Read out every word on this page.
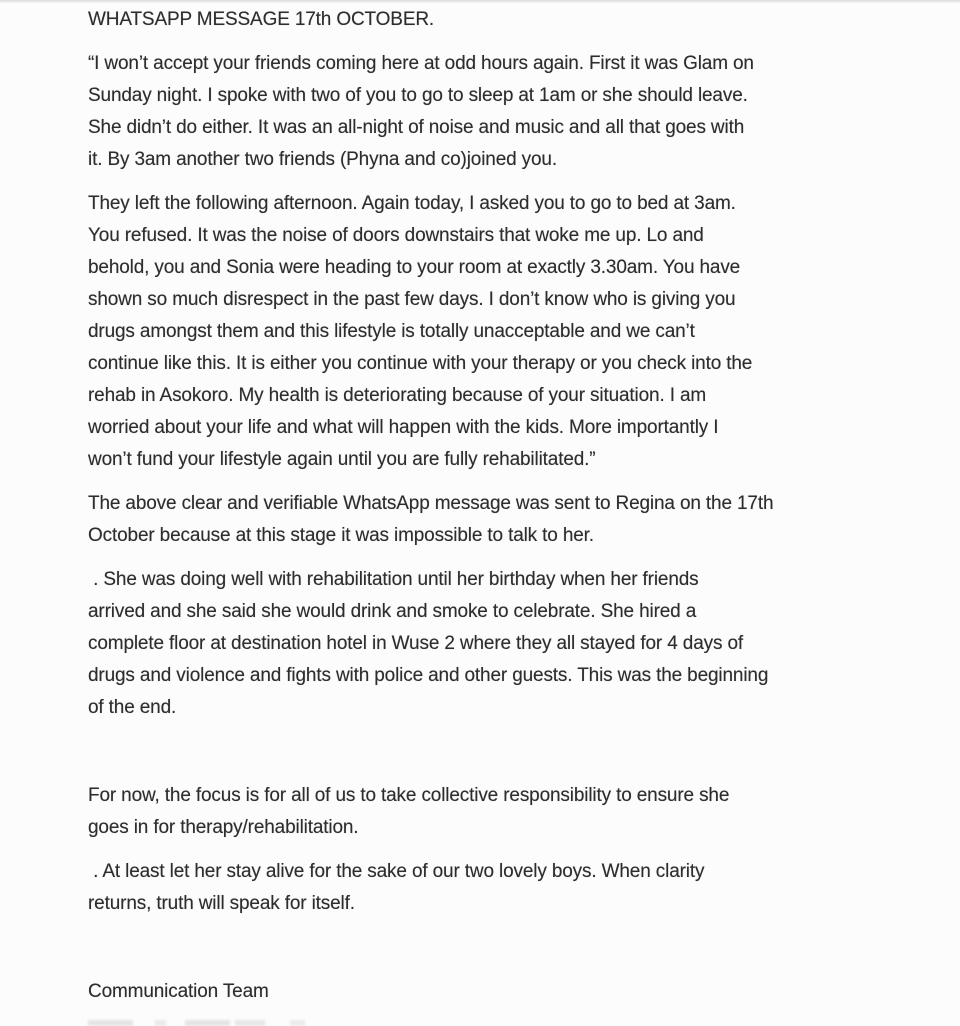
WHATSAPP MESSAGE 17th OCTOBER.
“I won’t accept your friends coming here at odd hours again. First it was Glam on
Sunday night. I spoke with two of you to go to sleep at 1am or she should leave.
She didn’t do either. It was an all-night of noise and music and all that goes with
it. By 3am another two friends (Phyna and co)joined you.
They left the following afternoon. Again today, I asked you to go to bed at 3am.
You refused. It was the noise of doors downstairs that woke me up. Lo and
behold, you and Sonia were heading to your room at exactly 3.30am. You have
shown so much disrespect in the past few days. I don’t know who is giving you
drugs amongst them and this lifestyle is totally unacceptable and we can’t
continue like this. It is either you continue with your therapy or you check into the
rehab in Asokoro. My health is deteriorating because of your situation. I am
worried about your life and what will happen with the kids. More importantly I
won’t fund your lifestyle again until you are fully rehabilitated.”
The above clear and verifiable WhatsApp message was sent to Regina on the 17th
October because at this stage it was impossible to talk to her.
. She was doing well with rehabilitation until her birthday when her friends
arrived and she said she would drink and smoke to celebrate. She hired a
complete floor at destination hotel in Wuse 2 where they all stayed for 4 days of
drugs and violence and fights with police and other guests. This was the beginning
of the end.
For now, the focus is for all of us to take collective responsibility to ensure she
goes in for therapy/rehabilitation.
. At least let her stay alive for the sake of our two lovely boys. When clarity
returns, truth will speak for itself.
Communication Team
